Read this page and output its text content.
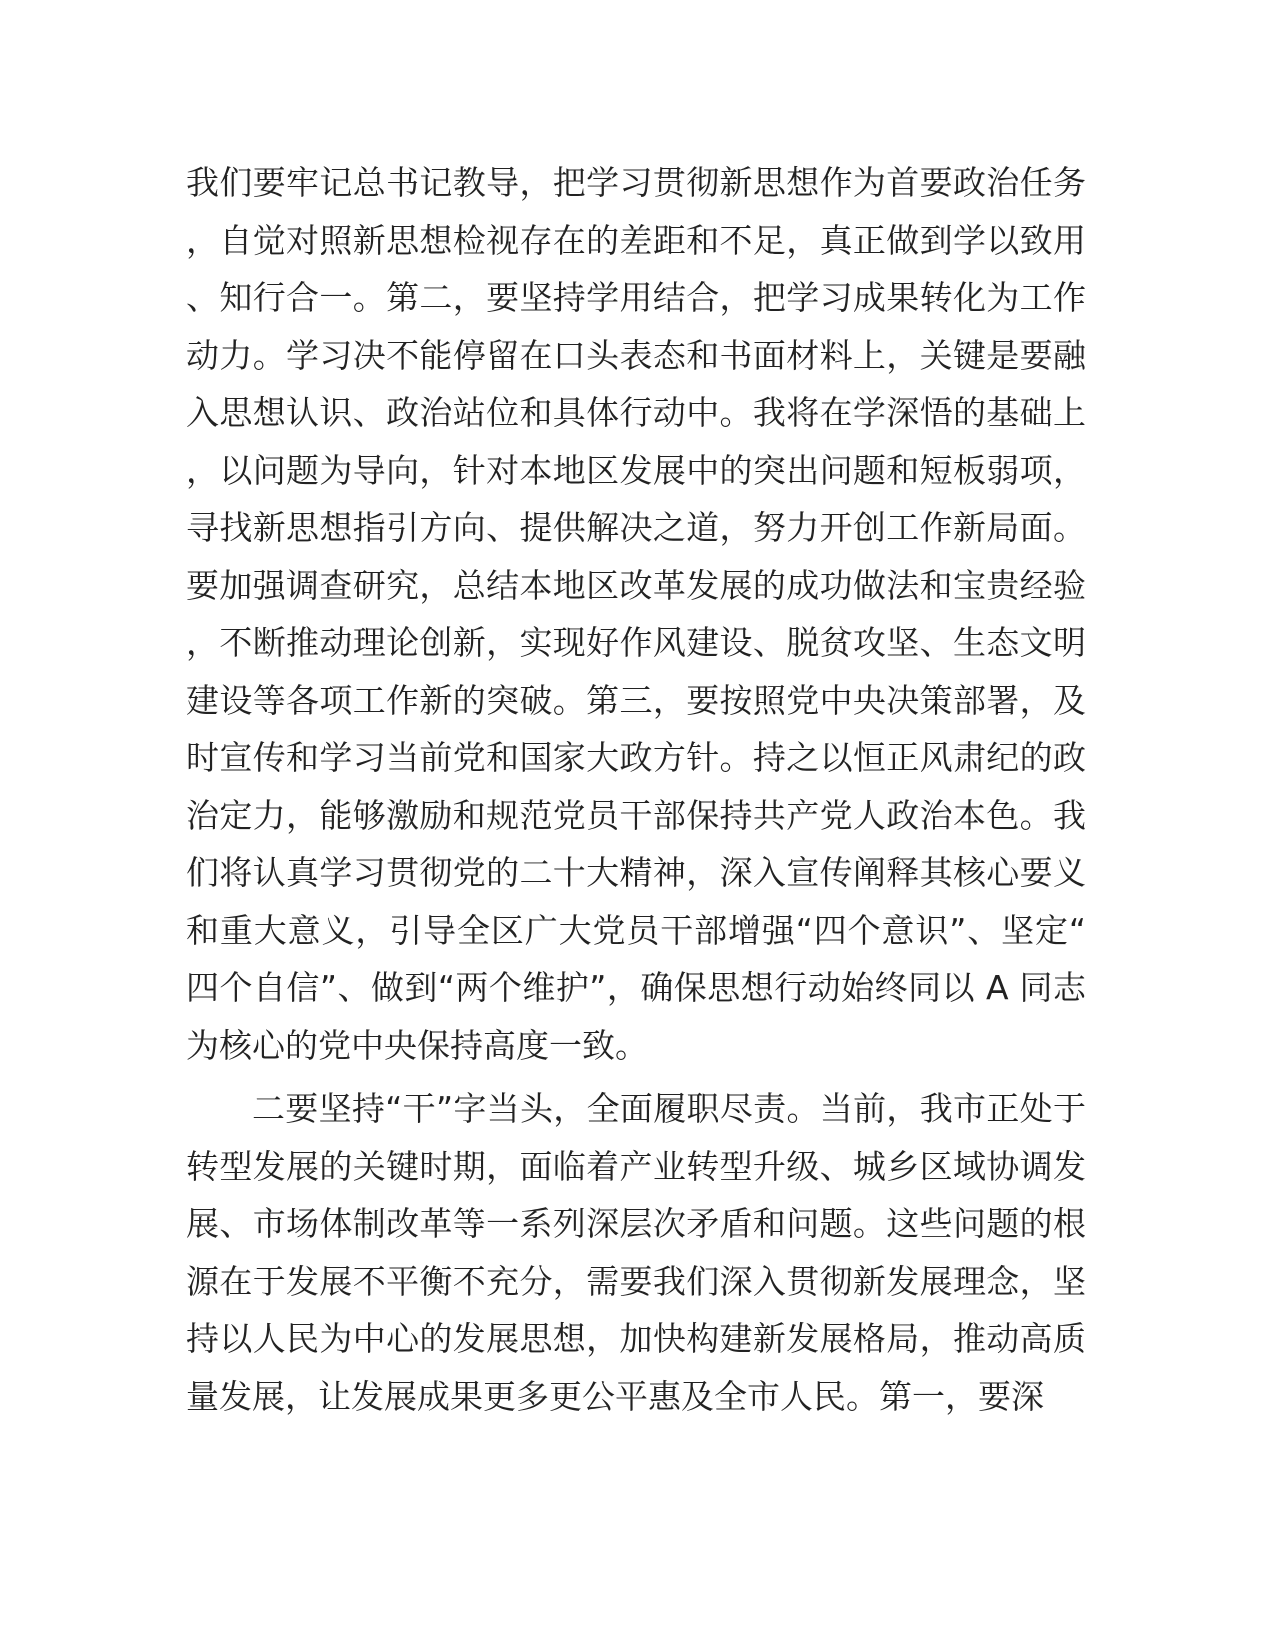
我们要牢记总书记教导，把学习贯彻新思想作为首要政治任务，自觉对照新思想检视存在的差距和不足，真正做到学以致用、知行合一。第二，要坚持学用结合，把学习成果转化为工作动力。学习决不能停留在口头表态和书面材料上，关键是要融入思想认识、政治站位和具体行动中。我将在学深悟的基础上，以问题为导向，针对本地区发展中的突出问题和短板弱项，寻找新思想指引方向、提供解决之道，努力开创工作新局面。要加强调查研究，总结本地区改革发展的成功做法和宝贵经验，不断推动理论创新，实现好作风建设、脱贫攻坚、生态文明建设等各项工作新的突破。第三，要按照党中央决策部署，及时宣传和学习当前党和国家大政方针。持之以恒正风肃纪的政治定力，能够激励和规范党员干部保持共产党人政治本色。我们将认真学习贯彻党的二十大精神，深入宣传阐释其核心要义和重大意义，引导全区广大党员干部增强“四个意识”、坚定“四个自信”、做到“两个维护”，确保思想行动始终同以 A 同志为核心的党中央保持高度一致。

二要坚持“干”字当头，全面履职尽责。当前，我市正处于转型发展的关键时期，面临着产业转型升级、城乡区域协调发展、市场体制改革等一系列深层次矛盾和问题。这些问题的根源在于发展不平衡不充分，需要我们深入贯彻新发展理念，坚持以人民为中心的发展思想，加快构建新发展格局，推动高质量发展，让发展成果更多更公平惠及全市人民。第一，要深
